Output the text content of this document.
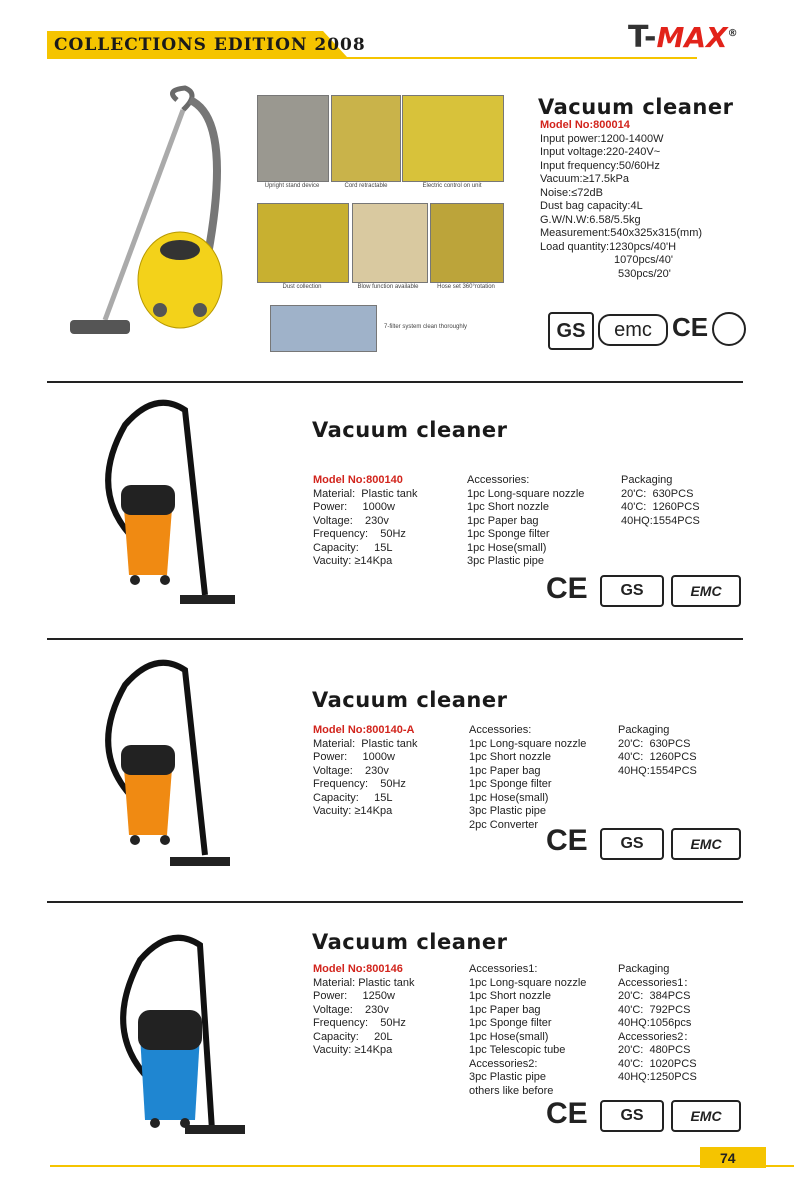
COLLECTIONS EDITION 2008	T-MAX®
Upright stand device	Cord retractable	Electric control on unit
Dust collection	Blow function available	Hose set 360°rotation
7-filter system clean thoroughly
Vacuum cleaner
Model No:800014
Input power:1200-1400W
Input voltage:220-240V~
Input frequency:50/60Hz
Vacuum:≥17.5kPa
Noise:≤72dB
Dust bag capacity:4L
G.W/N.W:6.58/5.5kg
Measurement:540x325x315(mm)
Load quantity:1230pcs/40'H
1070pcs/40'
530pcs/20'
GS	emc CE
Vacuum cleaner
Model No:800140
Material:  Plastic tank
Power:     1000w
Voltage:    230v
Frequency:    50Hz
Capacity:     15L
Vacuity: ≥14Kpa
Accessories:
1pc Long-square nozzle
1pc Short nozzle
1pc Paper bag
1pc Sponge filter
1pc Hose(small)
3pc Plastic pipe
Packaging
20'C:  630PCS
40'C:  1260PCS
40HQ:1554PCS
CE	GS	EMC
Vacuum cleaner
Model No:800140-A
Material:  Plastic tank
Power:     1000w
Voltage:    230v
Frequency:    50Hz
Capacity:     15L
Vacuity: ≥14Kpa
Accessories:
1pc Long-square nozzle
1pc Short nozzle
1pc Paper bag
1pc Sponge filter
1pc Hose(small)
3pc Plastic pipe
2pc Converter
Packaging
20'C:  630PCS
40'C:  1260PCS
40HQ:1554PCS
CE	GS	EMC
Vacuum cleaner
Model No:800146
Material: Plastic tank
Power:     1250w
Voltage:    230v
Frequency:    50Hz
Capacity:     20L
Vacuity: ≥14Kpa
Accessories1:
1pc Long-square nozzle
1pc Short nozzle
1pc Paper bag
1pc Sponge filter
1pc Hose(small)
1pc Telescopic tube
Accessories2:
3pc Plastic pipe
others like before
Packaging
Accessories1：
20'C:  384PCS
40'C:  792PCS
40HQ:1056pcs
Accessories2：
20'C:  480PCS
40'C:  1020PCS
40HQ:1250PCS
CE	GS	EMC
74
